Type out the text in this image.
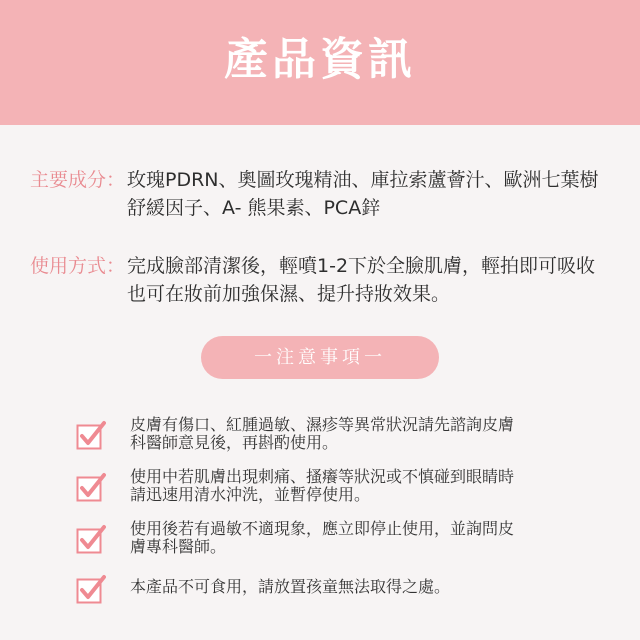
產品資訊
主要成分： 玫瑰PDRN、奧圖玫瑰精油、庫拉索蘆薈汁、歐洲七葉樹
舒緩因子、A- 熊果素、PCA鋅
使用方式： 完成臉部清潔後，輕噴1-2下於全臉肌膚，輕拍即可吸收
也可在妝前加強保濕、提升持妝效果。
一注意事項一
皮膚有傷口、紅腫過敏、濕疹等異常狀況請先諮詢皮膚
科醫師意見後，再斟酌使用。
使用中若肌膚出現刺痛、搔癢等狀況或不慎碰到眼睛時
請迅速用清水沖洗，並暫停使用。
使用後若有過敏不適現象，應立即停止使用，並詢問皮
膚專科醫師。
本產品不可食用，請放置孩童無法取得之處。
